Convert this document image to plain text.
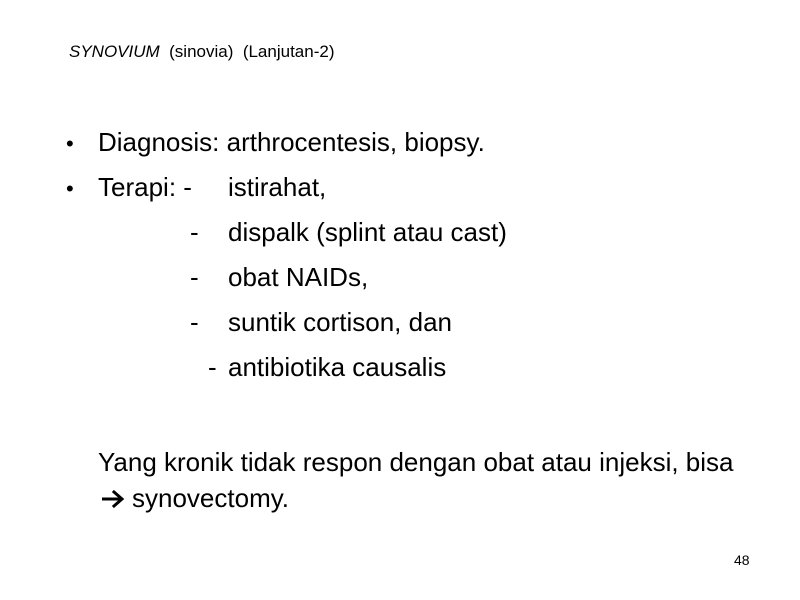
SYNOVIUM  (sinovia)  (Lanjutan-2)
• Diagnosis: arthrocentesis, biopsy.
• Terapi: - istirahat,
- dispalk (splint atau cast)
- obat NAIDs,
- suntik cortison, dan
- antibiotika causalis
Yang kronik tidak respon dengan obat atau injeksi, bisasynovectomy.
48
